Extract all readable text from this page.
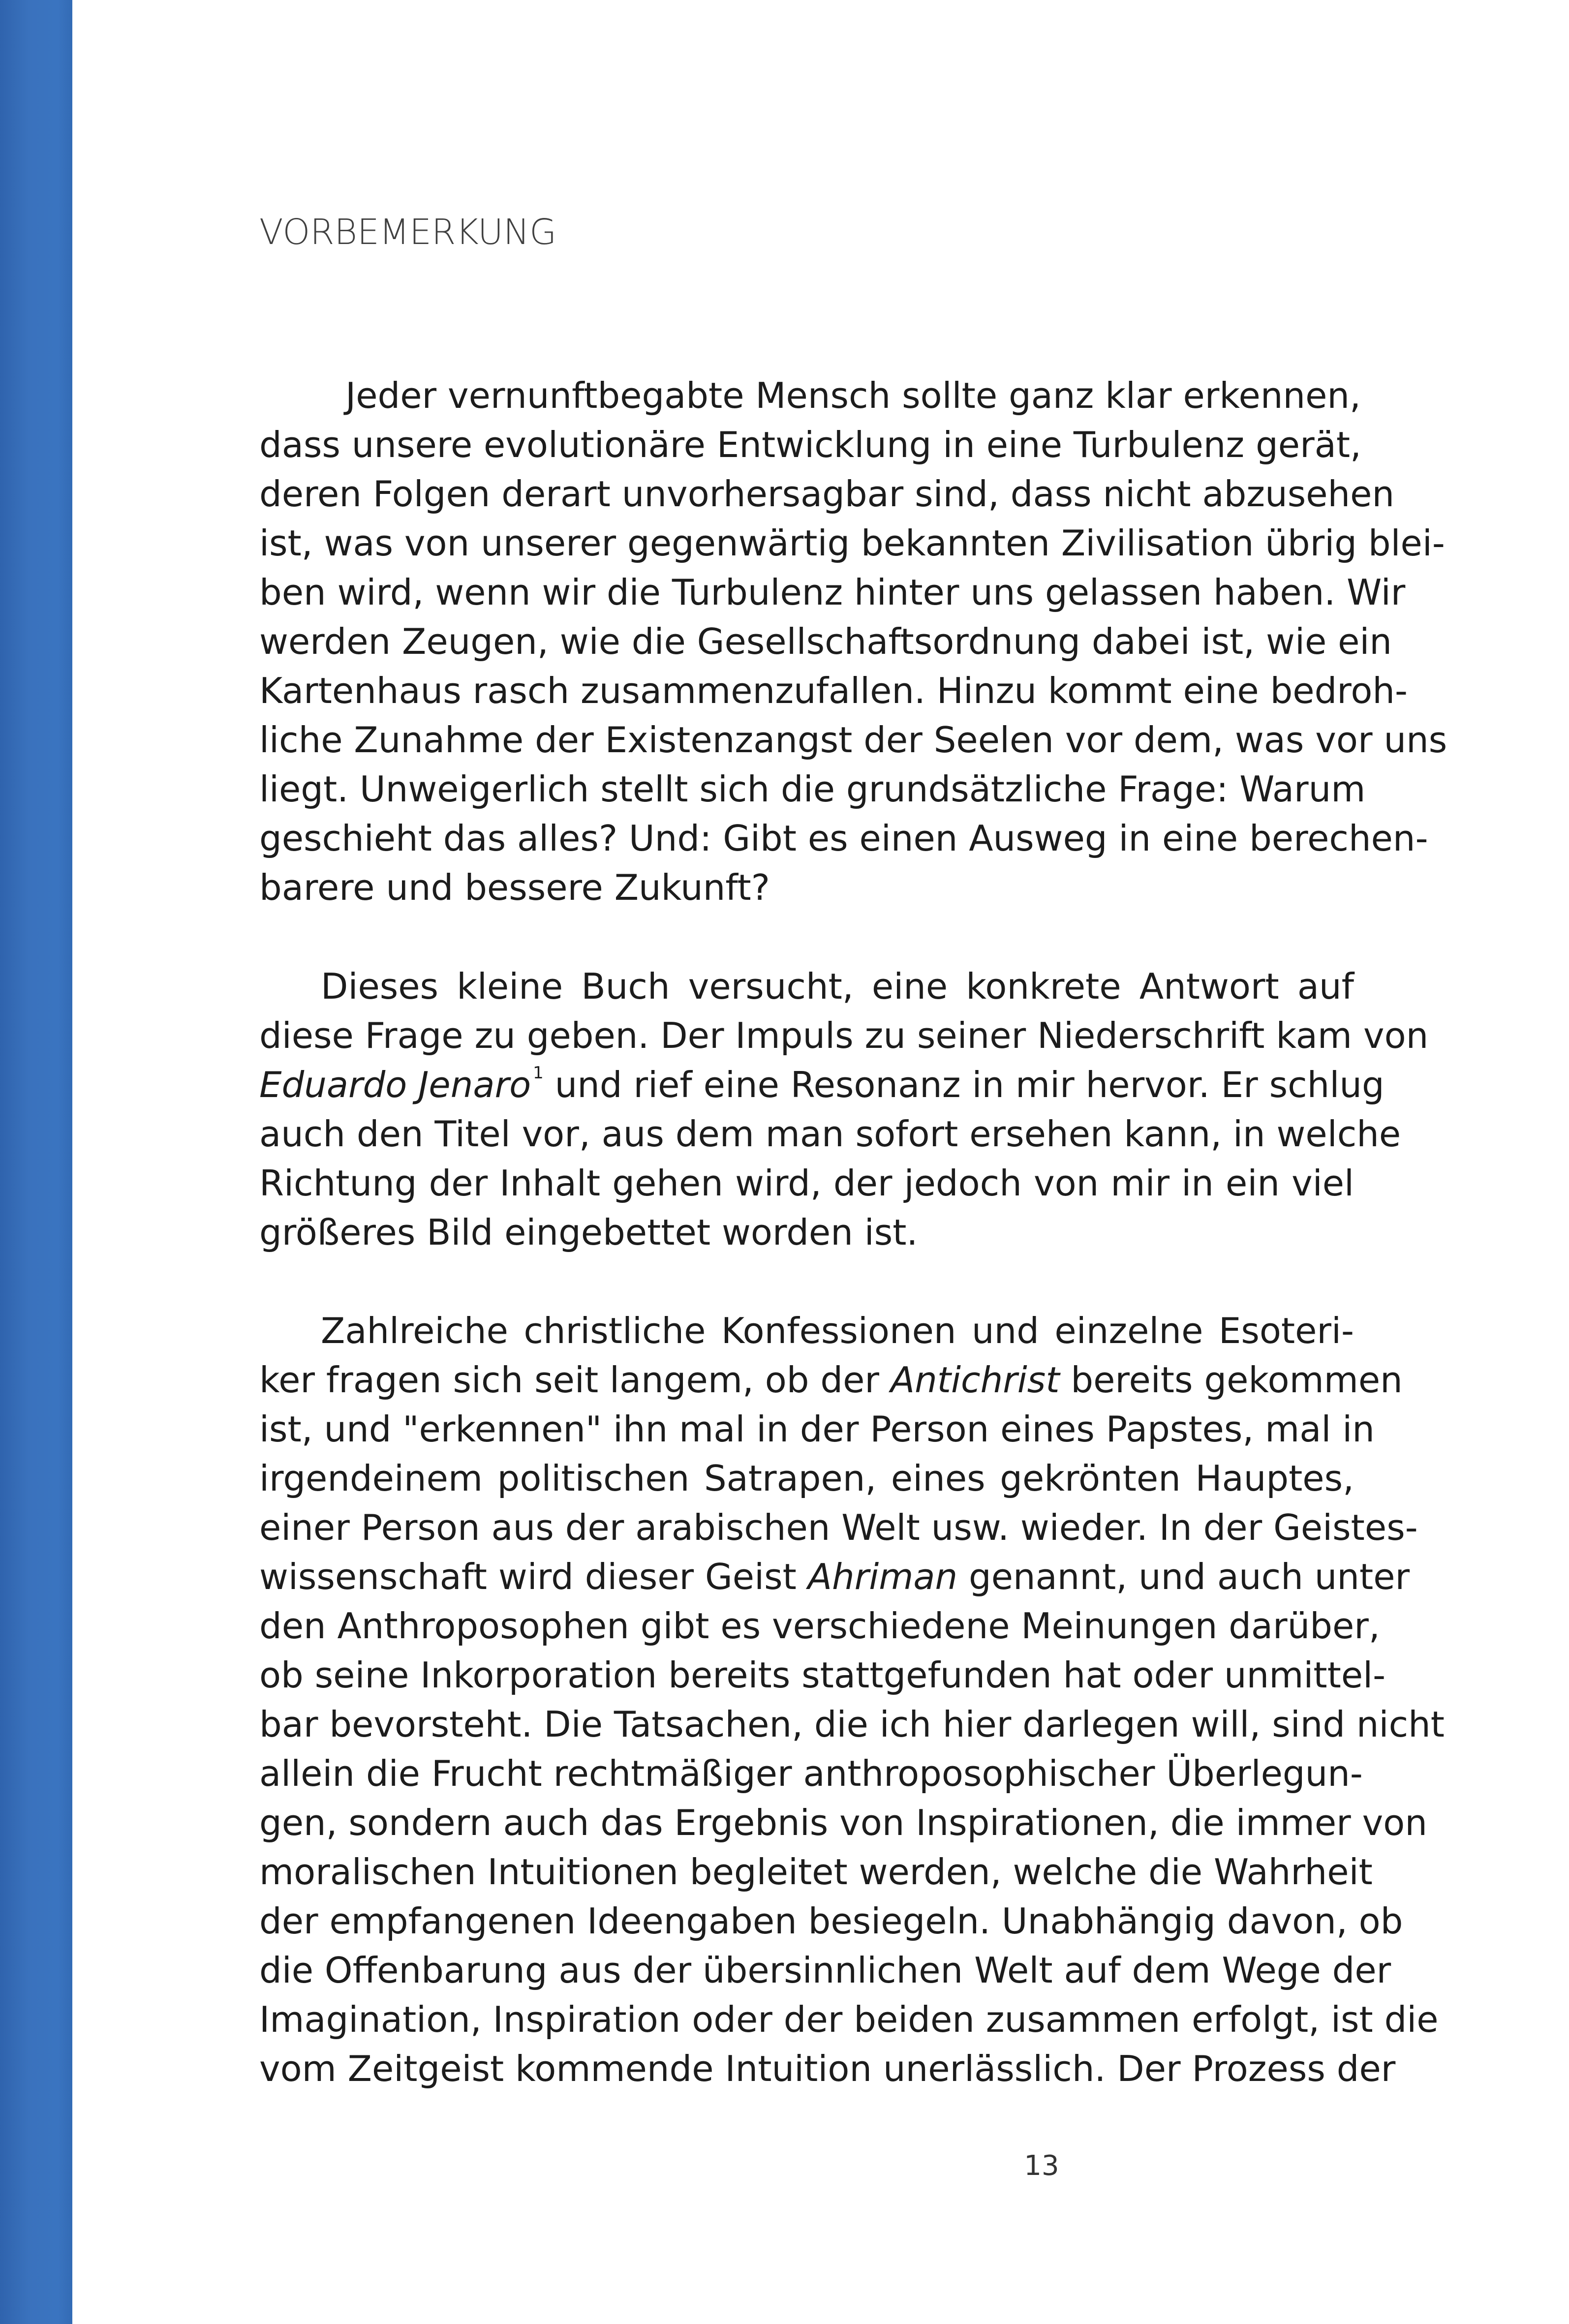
VORBEMERKUNG
Jeder vernunftbegabte Mensch sollte ganz klar erkennen,
dass unsere evolutionäre Entwicklung in eine Turbulenz gerät,
deren Folgen derart unvorhersagbar sind, dass nicht abzusehen
ist, was von unserer gegenwärtig bekannten Zivilisation übrig blei-
ben wird, wenn wir die Turbulenz hinter uns gelassen haben. Wir
werden Zeugen, wie die Gesellschaftsordnung dabei ist, wie ein
Kartenhaus rasch zusammenzufallen. Hinzu kommt eine bedroh-
liche Zunahme der Existenzangst der Seelen vor dem, was vor uns
liegt. Unweigerlich stellt sich die grundsätzliche Frage: Warum
geschieht das alles? Und: Gibt es einen Ausweg in eine berechen-
barere und bessere Zukunft?
Dieses kleine Buch versucht, eine konkrete Antwort auf
diese Frage zu geben. Der Impuls zu seiner Niederschrift kam von
Eduardo Jenaro $^1$ und rief eine Resonanz in mir hervor. Er schlug
auch den Titel vor, aus dem man sofort ersehen kann, in welche
Richtung der Inhalt gehen wird, der jedoch von mir in ein viel
größeres Bild eingebettet worden ist.
Zahlreiche christliche Konfessionen und einzelne Esoteri-
ker fragen sich seit langem, ob der Antichrist bereits gekommen
ist, und "erkennen" ihn mal in der Person eines Papstes, mal in
irgendeinem politischen Satrapen, eines gekrönten Hauptes,
einer Person aus der arabischen Welt usw. wieder. In der Geistes-
wissenschaft wird dieser Geist Ahriman genannt, und auch unter
den Anthroposophen gibt es verschiedene Meinungen darüber,
ob seine Inkorporation bereits stattgefunden hat oder unmittel-
bar bevorsteht. Die Tatsachen, die ich hier darlegen will, sind nicht
allein die Frucht rechtmäßiger anthroposophischer Überlegun-
gen, sondern auch das Ergebnis von Inspirationen, die immer von
moralischen Intuitionen begleitet werden, welche die Wahrheit
der empfangenen Ideengaben besiegeln. Unabhängig davon, ob
die Offenbarung aus der übersinnlichen Welt auf dem Wege der
Imagination, Inspiration oder der beiden zusammen erfolgt, ist die
vom Zeitgeist kommende Intuition unerlässlich. Der Prozess der
13
